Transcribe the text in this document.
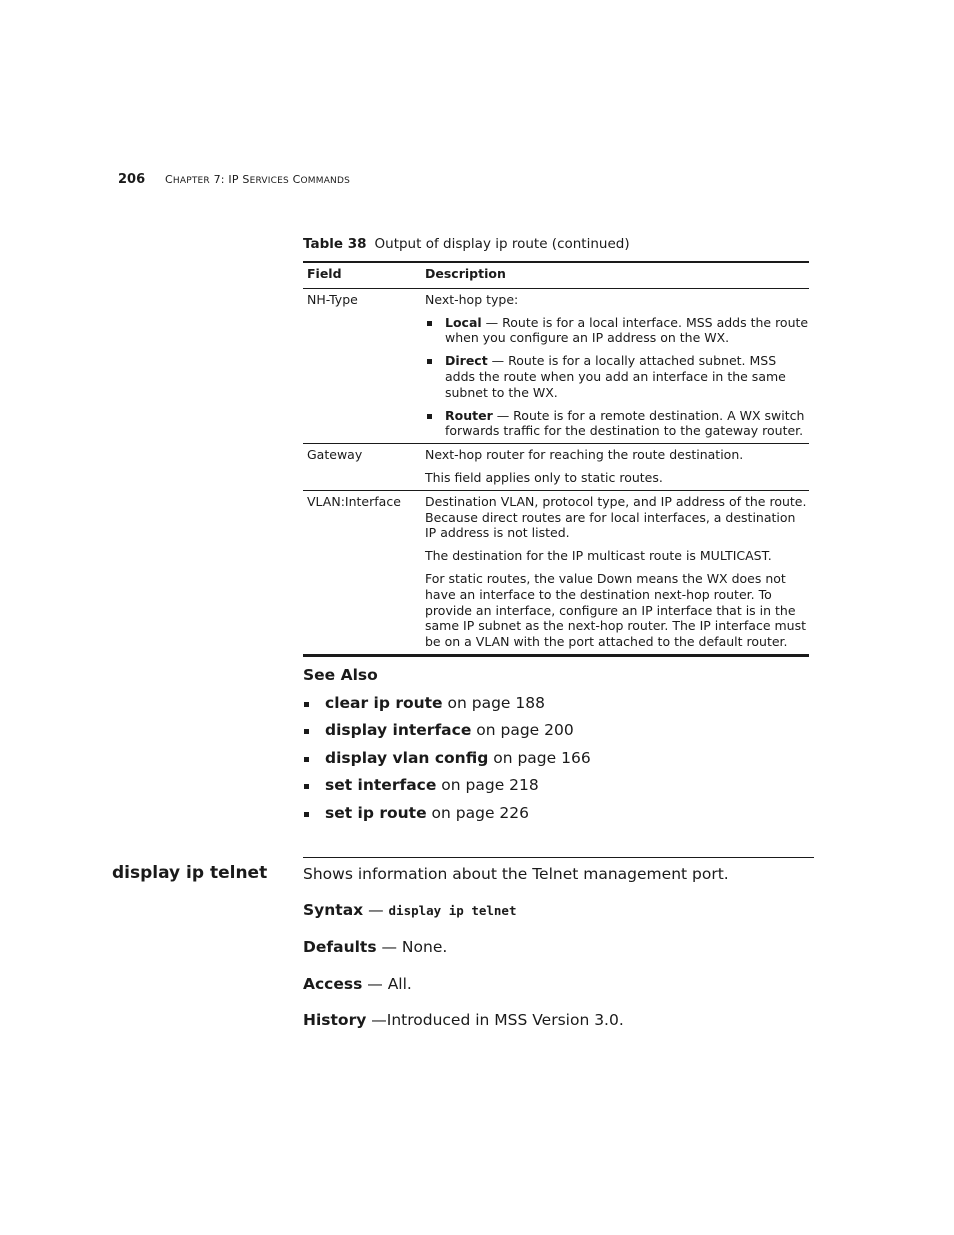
206 CHAPTER 7: IP SERVICES COMMANDS
Table 38 Output of display ip route (continued)
Field	Description
NH-Type	Next-hop type:

Local — Route is for a local interface. MSS adds the route when you configure an IP address on the WX.
Direct — Route is for a locally attached subnet. MSS adds the route when you add an interface in the same subnet to the WX.
Router — Route is for a remote destination. A WX switch forwards traffic for the destination to the gateway router.
Gateway	Next-hop router for reaching the route destination.

This field applies only to static routes.

VLAN:Interface	Destination VLAN, protocol type, and IP address of the route. Because direct routes are for local interfaces, a destination IP address is not listed.

The destination for the IP multicast route is MULTICAST.

For static routes, the value Down means the WX does not have an interface to the destination next-hop router. To provide an interface, configure an IP interface that is in the same IP subnet as the next-hop router. The IP interface must be on a VLAN with the port attached to the default router.

See Also
clear ip route on page 188
display interface on page 200
display vlan config on page 166
set interface on page 218
set ip route on page 226
display ip telnet Shows information about the Telnet management port.
Syntax — display ip telnet
Defaults — None.
Access — All.
History —Introduced in MSS Version 3.0.
